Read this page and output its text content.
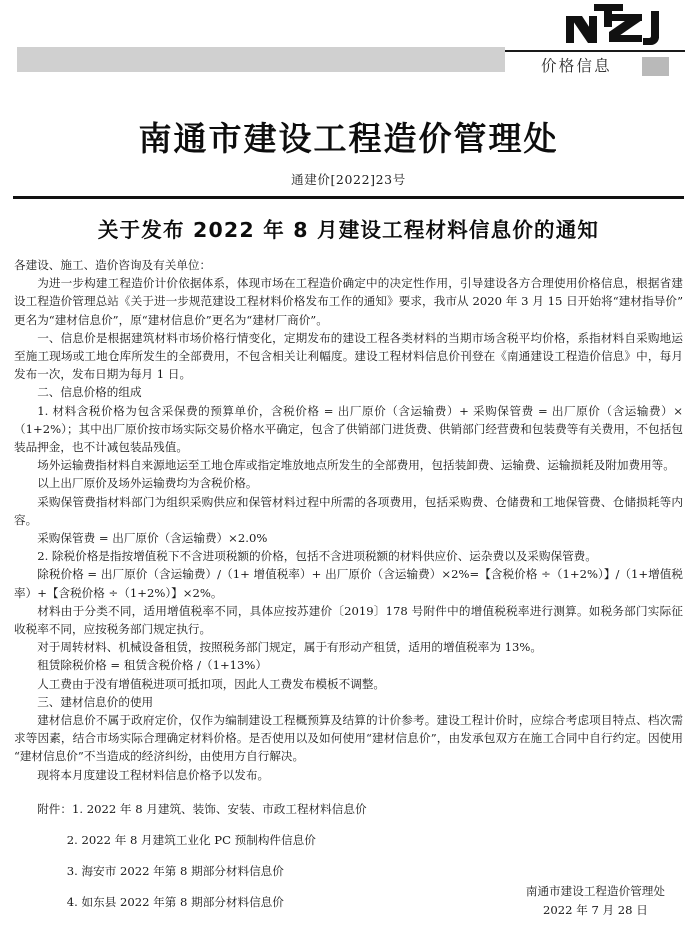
价格信息
南通市建设工程造价管理处
通建价[2022]23号
关于发布 2022 年 8 月建设工程材料信息价的通知

各建设、施工、造价咨询及有关单位：

为进一步构建工程造价计价依据体系，体现市场在工程造价确定中的决定性作用，引导建设各方合理使用价格信息，根据省建设工程造价管理总站《关于进一步规范建设工程材料价格发布工作的通知》要求，我市从 2020 年 3 月 15 日开始将“建材指导价”更名为“建材信息价”，原“建材信息价”更名为“建材厂商价”。

一、信息价是根据建筑材料市场价格行情变化，定期发布的建设工程各类材料的当期市场含税平均价格，系指材料自采购地运至施工现场或工地仓库所发生的全部费用，不包含相关让利幅度。建设工程材料信息价刊登在《南通建设工程造价信息》中，每月发布一次，发布日期为每月 1 日。

二、信息价格的组成

1. 材料含税价格为包含采保费的预算单价，含税价格 = 出厂原价（含运输费）+ 采购保管费 = 出厂原价（含运输费）×（1+2%）；其中出厂原价按市场实际交易价格水平确定，包含了供销部门进货费、供销部门经营费和包装费等有关费用，不包括包装品押金，也不计减包装品残值。

场外运输费指材料自来源地运至工地仓库或指定堆放地点所发生的全部费用，包括装卸费、运输费、运输损耗及附加费用等。

以上出厂原价及场外运输费均为含税价格。

采购保管费指材料部门为组织采购供应和保管材料过程中所需的各项费用，包括采购费、仓储费和工地保管费、仓储损耗等内容。

采购保管费 = 出厂原价（含运输费）×2.0%

2. 除税价格是指按增值税下不含进项税额的价格，包括不含进项税额的材料供应价、运杂费以及采购保管费。

除税价格 = 出厂原价（含运输费）/（1+ 增值税率）+ 出厂原价（含运输费）×2%=【含税价格 ÷（1+2%）】/（1+增值税率）+【含税价格 ÷（1+2%）】×2%。

材料由于分类不同，适用增值税率不同，具体应按苏建价〔2019〕178 号附件中的增值税税率进行测算。如税务部门实际征收税率不同，应按税务部门规定执行。

对于周转材料、机械设备租赁，按照税务部门规定，属于有形动产租赁，适用的增值税率为 13%。

租赁除税价格 = 租赁含税价格 /（1+13%）

人工费由于没有增值税进项可抵扣项，因此人工费发布模板不调整。

三、建材信息价的使用

建材信息价不属于政府定价，仅作为编制建设工程概预算及结算的计价参考。建设工程计价时，应综合考虑项目特点、档次需求等因素，结合市场实际合理确定材料价格。是否使用以及如何使用“建材信息价”，由发承包双方在施工合同中自行约定。因使用“建材信息价”不当造成的经济纠纷，由使用方自行解决。

现将本月度建设工程材料信息价格予以发布。

附件：1. 2022 年 8 月建筑、装饰、安装、市政工程材料信息价

2. 2022 年 8 月建筑工业化 PC 预制构件信息价

3. 海安市 2022 年第 8 期部分材料信息价

4. 如东县 2022 年第 8 期部分材料信息价

南通市建设工程造价管理处
2022 年 7 月 28 日
